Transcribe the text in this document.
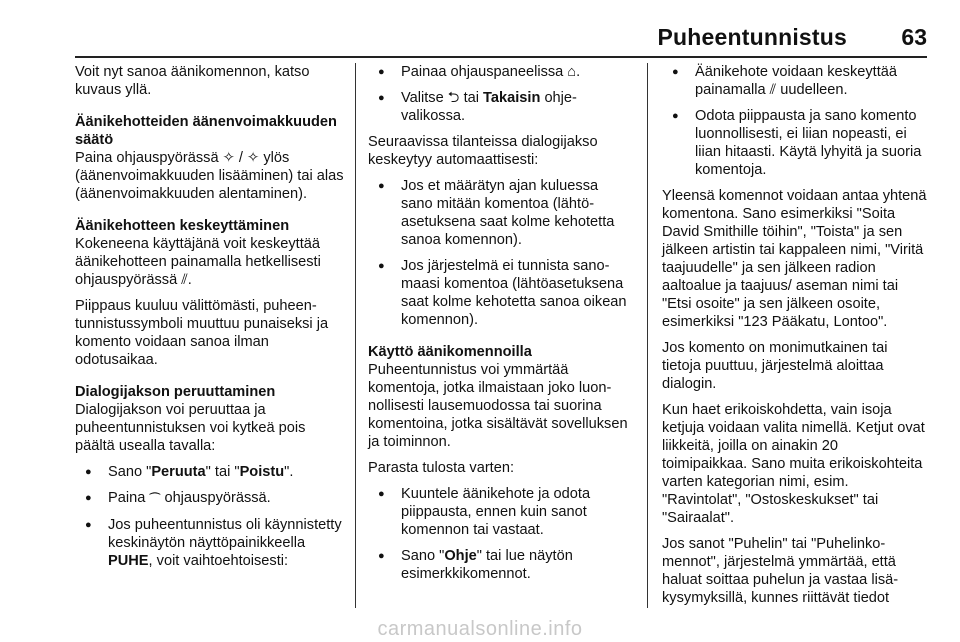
Puheentunnistus 63

Voit nyt sanoa äänikomennon, katso kuvaus yllä.

Äänikehotteiden äänenvoimakkuuden säätö

Paina ohjauspyörässä ✧ / ✧ ylös (äänenvoimakkuuden lisääminen) tai alas (äänenvoimakkuuden alentaminen).

Äänikehotteen keskeyttäminen

Kokeneena käyttäjänä voit keskeyttää äänikehotteen painamalla hetkellisesti ohjauspyörässä ⫽.

Piippaus kuuluu välittömästi, puheentunnistussymboli muuttuu punaiseksi ja komento voidaan sanoa ilman odotusaikaa.

Dialogijakson peruuttaminen

Dialogijakson voi peruuttaa ja puheentunnistuksen voi kytkeä pois päältä usealla tavalla:

● Sano "Peruuta" tai "Poistu".
● Paina ⌒ ohjauspyörässä.
● Jos puheentunnistus oli käynnistetty keskinäytön näyttöpainikkeella PUHE, voit vaihtoehtoisesti:
● Painaa ohjauspaneelissa ⌂.
● Valitse ⮌ tai Takaisin ohjevalikossa.

Seuraavissa tilanteissa dialogijakso keskeytyy automaattisesti:

● Jos et määrätyn ajan kuluessa sano mitään komentoa (lähtöasetuksena saat kolme kehotetta sanoa komennon).
● Jos järjestelmä ei tunnista sanomaasi komentoa (lähtöasetuksena saat kolme kehotetta sanoa oikean komennon).

Käyttö äänikomennoilla

Puheentunnistus voi ymmärtää komentoja, jotka ilmaistaan joko luonnollisesti lausemuodossa tai suorina komentoina, jotka sisältävät sovelluksen ja toiminnon.

Parasta tulosta varten:

● Kuuntele äänikehote ja odota piippausta, ennen kuin sanot komennon tai vastaat.
● Sano "Ohje" tai lue näytön esimerkkikomennot.
● Äänikehote voidaan keskeyttää painamalla ⫽ uudelleen.
● Odota piippausta ja sano komento luonnollisesti, ei liian nopeasti, ei liian hitaasti. Käytä lyhyitä ja suoria komentoja.

Yleensä komennot voidaan antaa yhtenä komentona. Sano esimerkiksi "Soita David Smithille töihin", "Toista" ja sen jälkeen artistin tai kappaleen nimi, "Viritä taajuudelle" ja sen jälkeen radion aaltoalue ja taajuus/ aseman nimi tai "Etsi osoite" ja sen jälkeen osoite, esimerkiksi "123 Pääkatu, Lontoo".

Jos komento on monimutkainen tai tietoja puuttuu, järjestelmä aloittaa dialogin.

Kun haet erikoiskohdetta, vain isoja ketjuja voidaan valita nimellä. Ketjut ovat liikkeitä, joilla on ainakin 20 toimipaikkaa. Sano muita erikoiskohteita varten kategorian nimi, esim. "Ravintolat", "Ostoskeskukset" tai "Sairaalat".

Jos sanot "Puhelin" tai "Puhelinkomennot", järjestelmä ymmärtää, että haluat soittaa puhelun ja vastaa lisäkysymyksillä, kunnes riittävät tiedot

carmanualsonline.info
